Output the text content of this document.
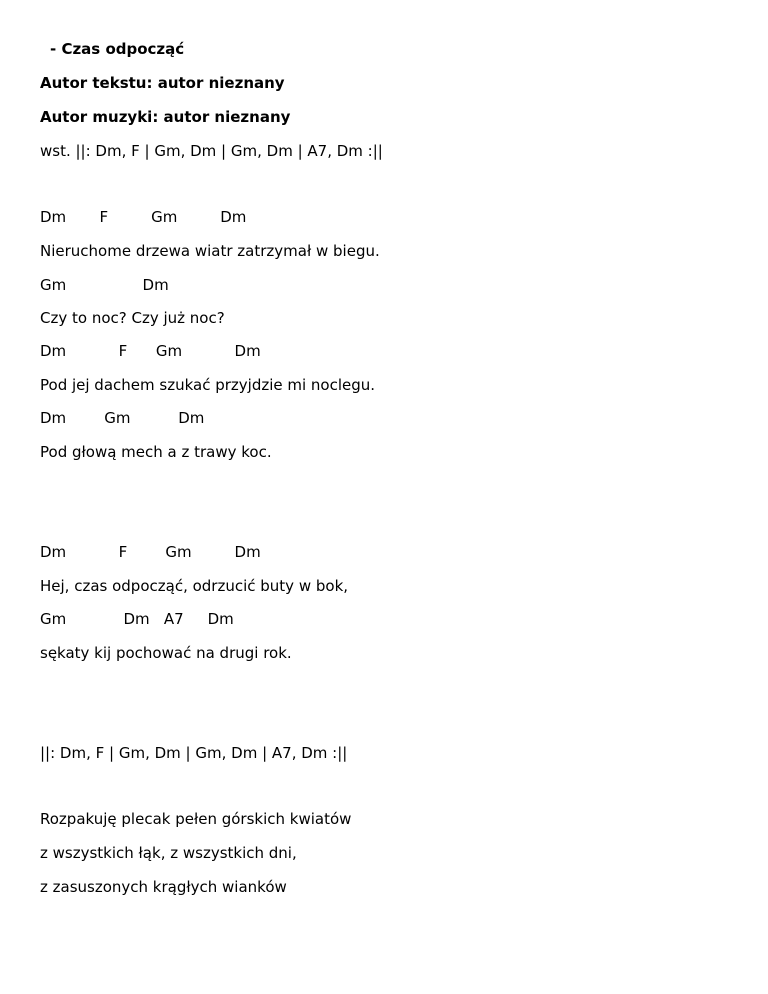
- Czas odpocząć
Autor tekstu: autor nieznany
Autor muzyki: autor nieznany
wst. ||: Dm, F | Gm, Dm | Gm, Dm | A7, Dm :||
Dm       F         Gm         Dm
Nieruchome drzewa wiatr zatrzymał w biegu.
Gm                Dm
Czy to noc? Czy już noc?
Dm           F      Gm           Dm
Pod jej dachem szukać przyjdzie mi noclegu.
Dm        Gm          Dm
Pod głową mech a z trawy koc.
Dm           F        Gm         Dm
Hej, czas odpocząć, odrzucić buty w bok,
Gm            Dm   A7     Dm
sękaty kij pochować na drugi rok.
||: Dm, F | Gm, Dm | Gm, Dm | A7, Dm :||
Rozpakuję plecak pełen górskich kwiatów
z wszystkich łąk, z wszystkich dni,
z zasuszonych krągłych wianków
